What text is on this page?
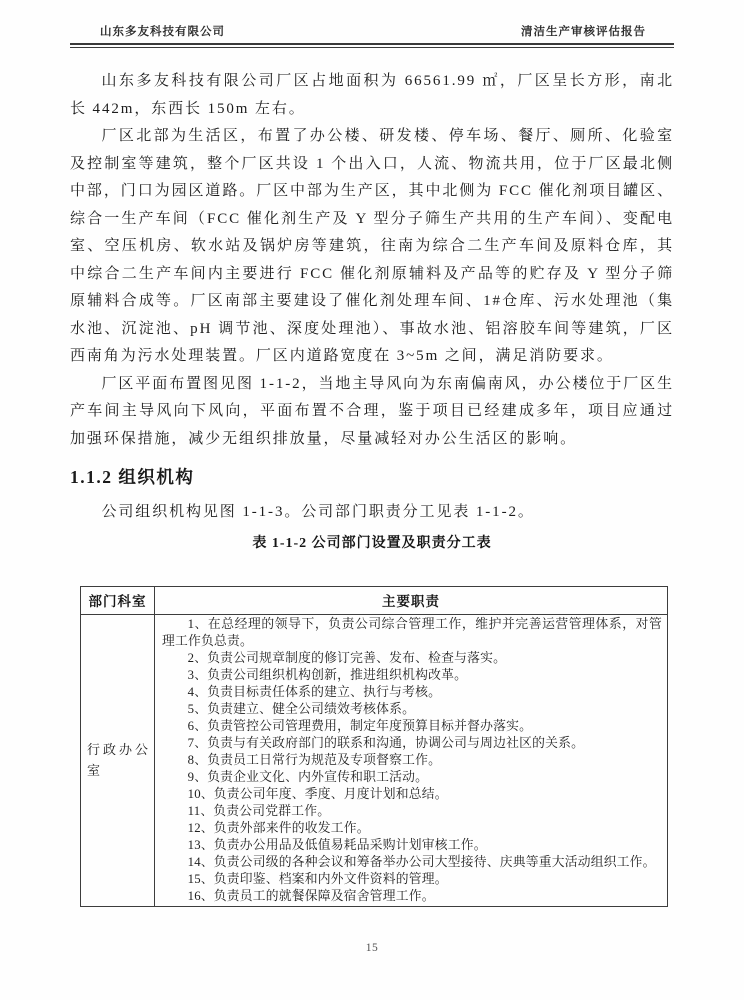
山东多友科技有限公司	清洁生产审核评估报告

山东多友科技有限公司厂区占地面积为 66561.99 ㎡，厂区呈长方形，南北长 442m，东西长 150m 左右。

厂区北部为生活区，布置了办公楼、研发楼、停车场、餐厅、厕所、化验室及控制室等建筑，整个厂区共设 1 个出入口，人流、物流共用，位于厂区最北侧中部，门口为园区道路。厂区中部为生产区，其中北侧为 FCC 催化剂项目罐区、综合一生产车间（FCC 催化剂生产及 Y 型分子筛生产共用的生产车间）、变配电室、空压机房、软水站及锅炉房等建筑，往南为综合二生产车间及原料仓库，其中综合二生产车间内主要进行 FCC 催化剂原辅料及产品等的贮存及 Y 型分子筛原辅料合成等。厂区南部主要建设了催化剂处理车间、1#仓库、污水处理池（集水池、沉淀池、pH 调节池、深度处理池）、事故水池、铝溶胶车间等建筑，厂区西南角为污水处理装置。厂区内道路宽度在 3~5m 之间，满足消防要求。

厂区平面布置图见图 1-1-2，当地主导风向为东南偏南风，办公楼位于厂区生产车间主导风向下风向，平面布置不合理，鉴于项目已经建成多年，项目应通过加强环保措施，减少无组织排放量，尽量减轻对办公生活区的影响。

1.1.2 组织机构

公司组织机构见图 1-1-3。公司部门职责分工见表 1-1-2。

表 1-1-2 公司部门设置及职责分工表
部门科室	主要职责
行政办公室	

1、在总经理的领导下，负责公司综合管理工作，维护并完善运营管理体系，对管理工作负总责。

2、负责公司规章制度的修订完善、发布、检查与落实。

3、负责公司组织机构创新，推进组织机构改革。

4、负责目标责任体系的建立、执行与考核。

5、负责建立、健全公司绩效考核体系。

6、负责管控公司管理费用，制定年度预算目标并督办落实。

7、负责与有关政府部门的联系和沟通，协调公司与周边社区的关系。

8、负责员工日常行为规范及专项督察工作。

9、负责企业文化、内外宣传和职工活动。

10、负责公司年度、季度、月度计划和总结。

11、负责公司党群工作。

12、负责外部来件的收发工作。

13、负责办公用品及低值易耗品采购计划审核工作。

14、负责公司级的各种会议和筹备举办公司大型接待、庆典等重大活动组织工作。

15、负责印鉴、档案和内外文件资料的管理。

16、负责员工的就餐保障及宿舍管理工作。

15
